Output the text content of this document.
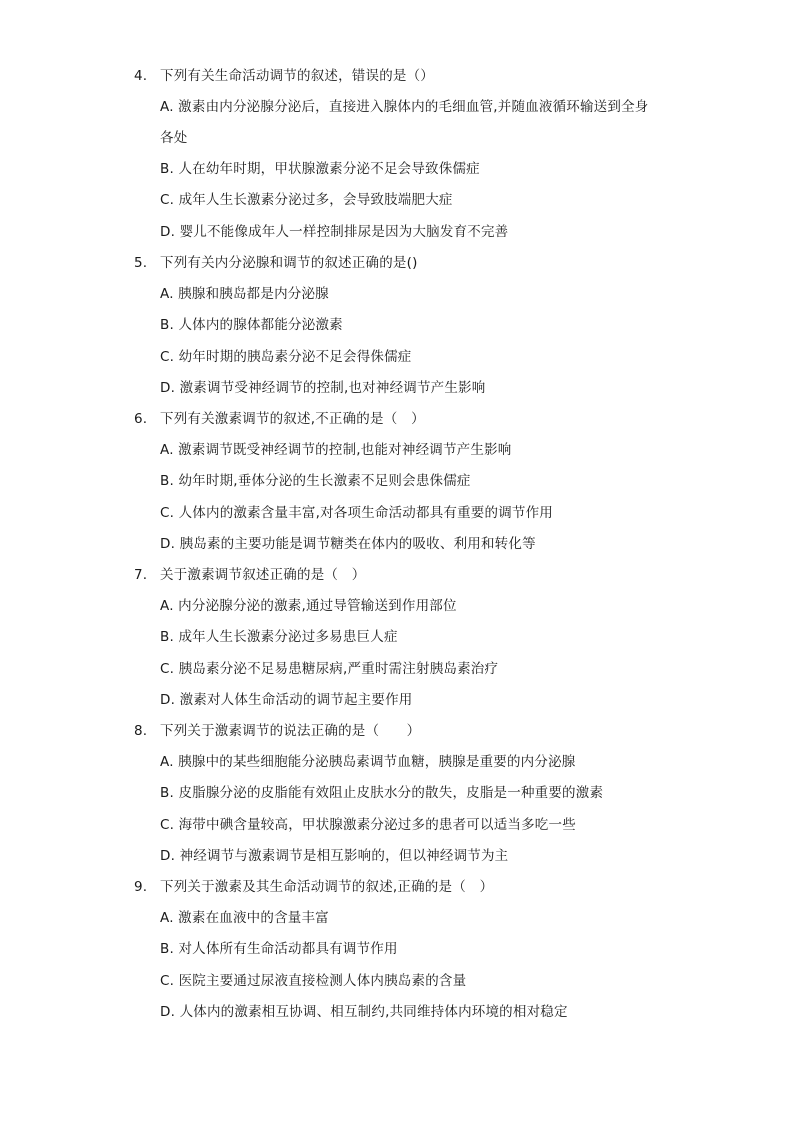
4. 下列有关生命活动调节的叙述，错误的是（）
A. 激素由内分泌腺分泌后，直接进入腺体内的毛细血管,并随血液循环输送到全身
各处
B. 人在幼年时期，甲状腺激素分泌不足会导致侏儒症
C. 成年人生长激素分泌过多，会导致肢端肥大症
D. 婴儿不能像成年人一样控制排尿是因为大脑发育不完善
5. 下列有关内分泌腺和调节的叙述正确的是()
A. 胰腺和胰岛都是内分泌腺
B. 人体内的腺体都能分泌激素
C. 幼年时期的胰岛素分泌不足会得侏儒症
D. 激素调节受神经调节的控制,也对神经调节产生影响
6. 下列有关激素调节的叙述,不正确的是（　）
A. 激素调节既受神经调节的控制,也能对神经调节产生影响
B. 幼年时期,垂体分泌的生长激素不足则会患侏儒症
C. 人体内的激素含量丰富,对各项生命活动都具有重要的调节作用
D. 胰岛素的主要功能是调节糖类在体内的吸收、利用和转化等
7. 关于激素调节叙述正确的是（　）
A. 内分泌腺分泌的激素,通过导管输送到作用部位
B. 成年人生长激素分泌过多易患巨人症
C. 胰岛素分泌不足易患糖尿病,严重时需注射胰岛素治疗
D. 激素对人体生命活动的调节起主要作用
8. 下列关于激素调节的说法正确的是（　　）
A. 胰腺中的某些细胞能分泌胰岛素调节血糖，胰腺是重要的内分泌腺
B. 皮脂腺分泌的皮脂能有效阻止皮肤水分的散失，皮脂是一种重要的激素
C. 海带中碘含量较高，甲状腺激素分泌过多的患者可以适当多吃一些
D. 神经调节与激素调节是相互影响的，但以神经调节为主
9. 下列关于激素及其生命活动调节的叙述,正确的是（　）
A. 激素在血液中的含量丰富
B. 对人体所有生命活动都具有调节作用
C. 医院主要通过尿液直接检测人体内胰岛素的含量
D. 人体内的激素相互协调、相互制约,共同维持体内环境的相对稳定
